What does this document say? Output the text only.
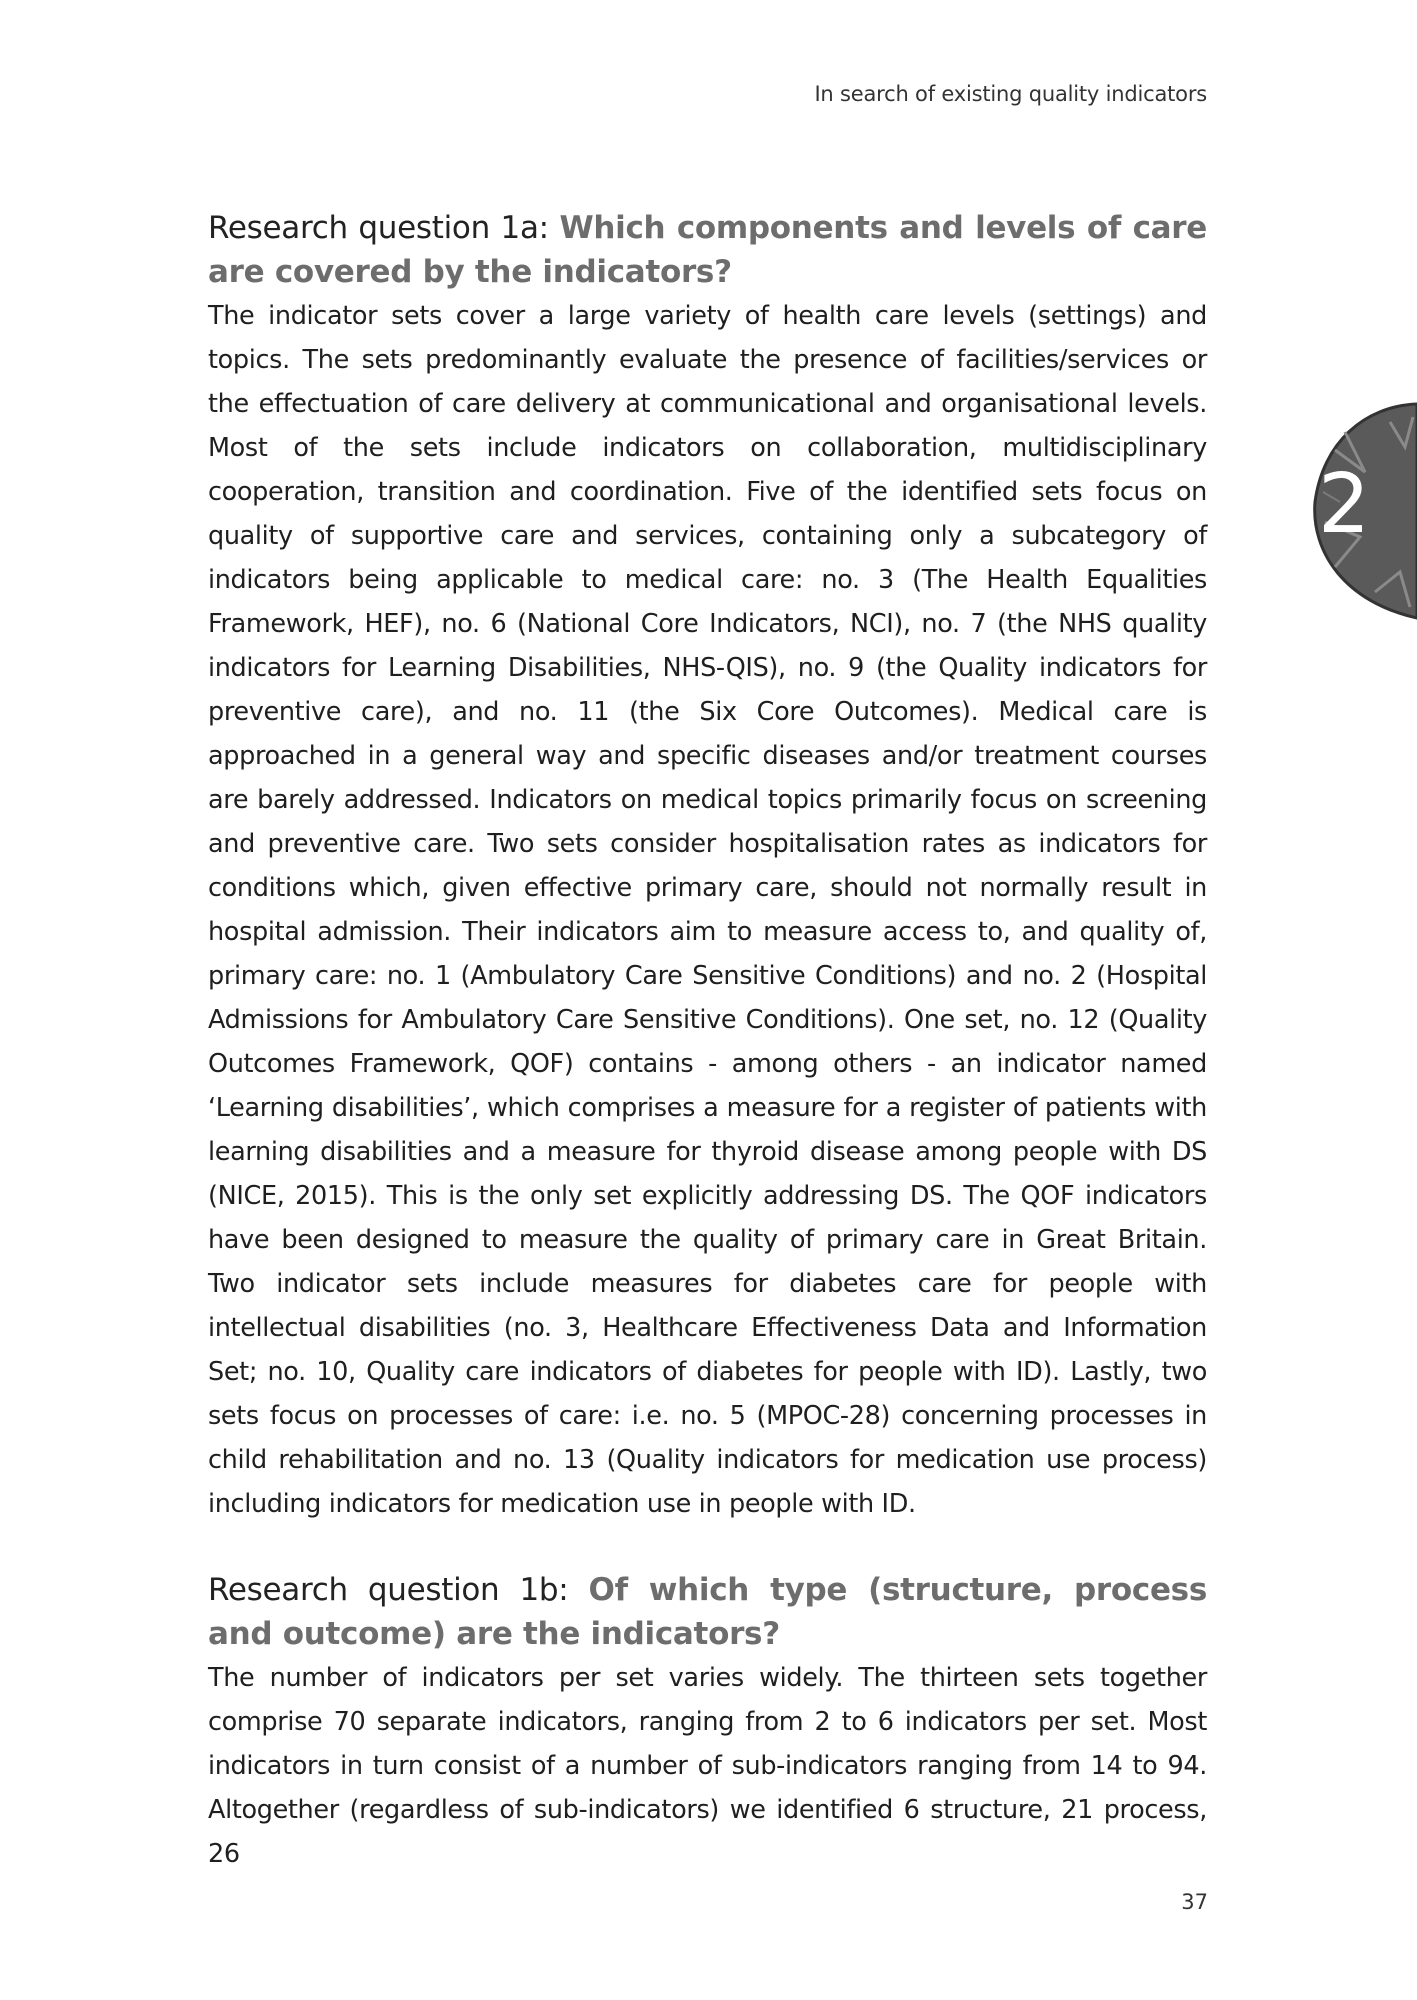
In search of existing quality indicators
Research question 1a: Which components and levels of care are covered by the indicators?

The indicator sets cover a large variety of health care levels (settings) and topics. The sets predominantly evaluate the presence of facilities/services or the effectuation of care delivery at communicational and organisational levels. Most of the sets include indicators on collaboration, multidisciplinary cooperation, transition and coordination. Five of the identified sets focus on quality of supportive care and services, containing only a subcategory of indicators being applicable to medical care: no. 3 (The Health Equalities Framework, HEF), no. 6 (National Core Indicators, NCI), no. 7 (the NHS quality indicators for Learning Disabilities, NHS-QIS), no. 9 (the Quality indicators for preventive care), and no. 11 (the Six Core Outcomes). Medical care is approached in a general way and specific diseases and/or treatment courses are barely addressed. Indicators on medical topics primarily focus on screening and preventive care. Two sets consider hospitalisation rates as indicators for conditions which, given effective primary care, should not normally result in hospital admission. Their indicators aim to measure access to, and quality of, primary care: no. 1 (Ambulatory Care Sensitive Conditions) and no. 2 (Hospital Admissions for Ambulatory Care Sensitive Conditions). One set, no. 12 (Quality Outcomes Framework, QOF) contains - among others - an indicator named ‘Learning disabilities’, which comprises a measure for a register of patients with learning disabilities and a measure for thyroid disease among people with DS (NICE, 2015). This is the only set explicitly addressing DS. The QOF indicators have been designed to measure the quality of primary care in Great Britain. Two indicator sets include measures for diabetes care for people with intellectual disabilities (no. 3, Healthcare Effectiveness Data and Information Set; no. 10, Quality care indicators of diabetes for people with ID). Lastly, two sets focus on processes of care: i.e. no. 5 (MPOC-28) concerning processes in child rehabilitation and no. 13 (Quality indicators for medication use process) including indicators for medication use in people with ID.

Research question 1b: Of which type (structure, process and outcome) are the indicators?

The number of indicators per set varies widely. The thirteen sets together comprise 70 separate indicators, ranging from 2 to 6 indicators per set. Most indicators in turn consist of a number of sub-indicators ranging from 14 to 94. Altogether (regardless of sub-indicators) we identified 6 structure, 21 process, 26

2
37
